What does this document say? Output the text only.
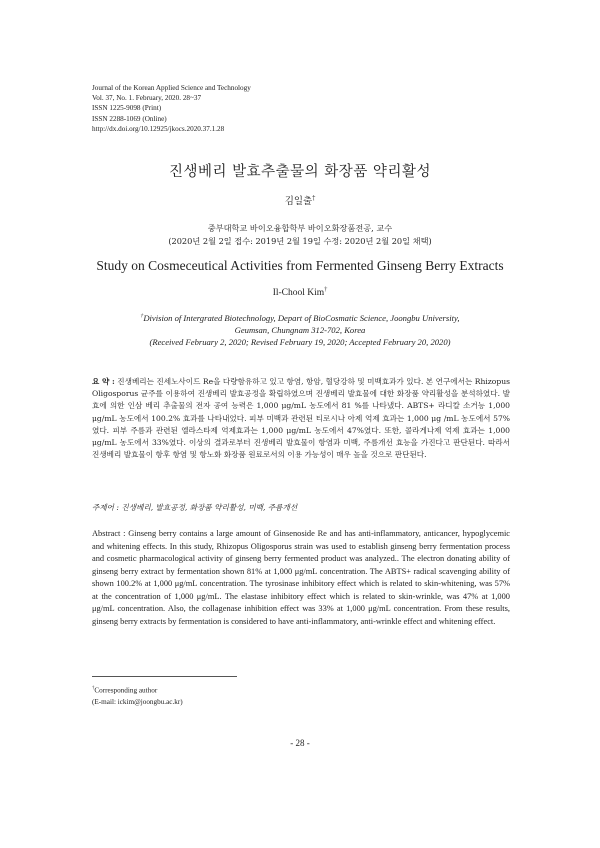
Journal of the Korean Applied Science and Technology
Vol. 37, No. 1. February, 2020. 28~37
ISSN 1225-9098 (Print)
ISSN 2288-1069 (Online)
http://dx.doi.org/10.12925/jkocs.2020.37.1.28
진생베리 발효추출물의 화장품 약리활성
김일출†
중부대학교 바이오융합학부 바이오화장품전공, 교수
(2020년 2월 2일 접수: 2019년 2월 19일 수정: 2020년 2월 20일 채택)
Study on Cosmeceutical Activities from Fermented Ginseng Berry Extracts
Il-Chool Kim†
†Division of Intergrated Biotechnology, Depart of BioCosmatic Science, Joongbu University,
Geumsan, Chungnam 312-702, Korea
(Received February 2, 2020; Revised February 19, 2020; Accepted February 20, 2020)
요 약 : 진생베리는 진세노사이드 Re을 다량함유하고 있고 항염, 항암, 혈당강하 및 미백효과가 있다. 본 연구에서는 Rhizopus Oligosporus 균주를 이용하여 진생베리 발효공정을 확립하였으며 진생베리 발효물에 대한 화장품 약리활성을 분석하였다. 발효에 의한 인삼 베리 추출물의 전자 공여 능력은 1,000 μg/mL 농도에서 81 %를 나타냈다. ABTS+ 라디칼 소거능 1,000 μg/mL 농도에서 100.2% 효과를 나타내었다. 피부 미백과 관련된 티로시나 아제 억제 효과는 1,000 μg /mL 농도에서 57%였다. 피부 주름과 관련된 엘라스타제 억제효과는 1,000 μg/mL 농도에서 47%였다. 또한, 콜라게나제 억제 효과는 1,000 μg/mL 농도에서 33%였다. 이상의 결과로부터 진생베리 발효물이 항염과 미백, 주름개선 효능을 가진다고 판단된다. 따라서 진생베리 발효물이 항후 항염 및 항노화 화장품 원료로서의 이용 가능성이 매우 높을 것으로 판단된다.
주제어 : 진생베리, 발효공정, 화장품 약리활성, 미백, 주름개선
Abstract : Ginseng berry contains a large amount of Ginsenoside Re and has anti-inflammatory, anticancer, hypoglycemic and whitening effects. In this study, Rhizopus Oligosporus strain was used to establish ginseng berry fermentation process and cosmetic pharmacological activity of ginseng berry fermented product was analyzed.. The electron donating ability of ginseng berry extract by fermentation shown 81% at 1,000 μg/mL concentration. The ABTS+ radical scavenging ability of shown 100.2% at 1,000 μg/mL concentration. The tyrosinase inhibitory effect which is related to skin-whitening, was 57% at the concentration of 1,000 μg/mL. The elastase inhibitory effect which is related to skin-wrinkle, was 47% at 1,000 μg/mL concentration. Also, the collagenase inhibition effect was 33% at 1,000 μg/mL concentration. From these results, ginseng berry extracts by fermentation is considered to have anti-inflammatory, anti-wrinkle effect and whitening effect.
†Corresponding author
(E-mail: ickim@joongbu.ac.kr)
- 28 -
